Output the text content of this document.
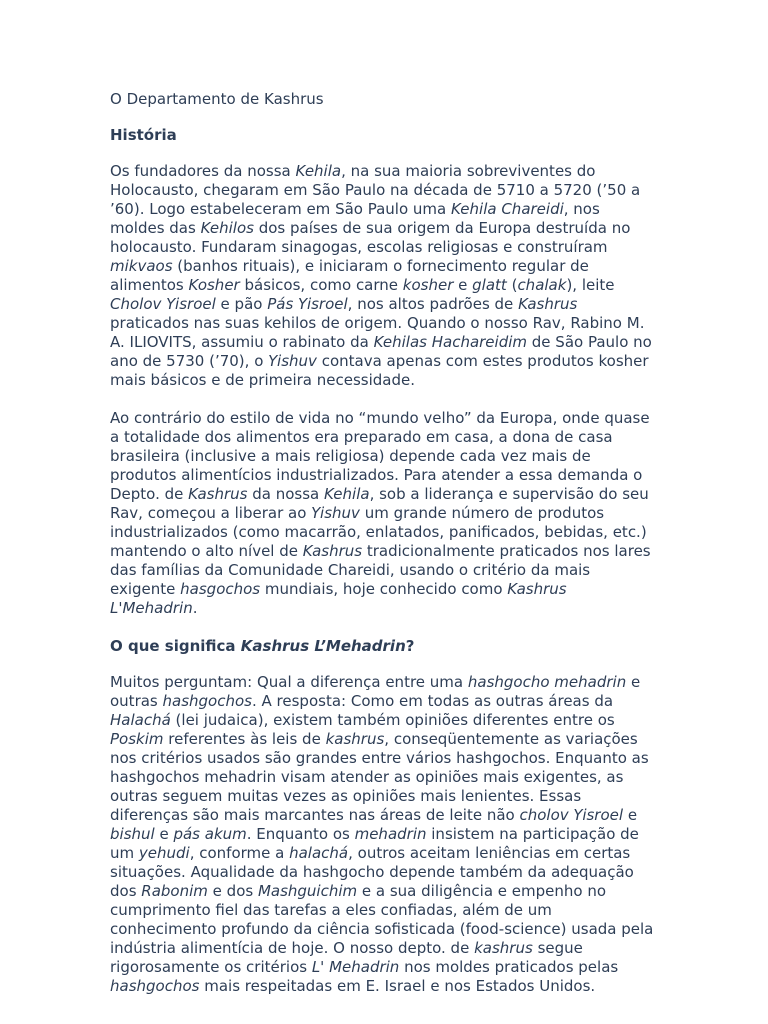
O Departamento de Kashrus
História

Os fundadores da nossa Kehila, na sua maioria sobreviventes do Holocausto, chegaram em São Paulo na década de 5710 a 5720 (’50 a ’60). Logo estabeleceram em São Paulo uma Kehila Chareidi, nos moldes das Kehilos dos países de sua origem da Europa destruída no holocausto. Fundaram sinagogas, escolas religiosas e construíram mikvaos (banhos rituais), e iniciaram o fornecimento regular de alimentos Kosher básicos, como carne kosher e glatt (chalak), leite Cholov Yisroel e pão Pás Yisroel, nos altos padrões de Kashrus praticados nas suas kehilos de origem. Quando o nosso Rav, Rabino M. A. ILIOVITS, assumiu o rabinato da Kehilas Hachareidim de São Paulo no ano de 5730 (’70), o Yishuv contava apenas com estes produtos kosher mais básicos e de primeira necessidade.

Ao contrário do estilo de vida no “mundo velho” da Europa, onde quase a totalidade dos alimentos era preparado em casa, a dona de casa brasileira (inclusive a mais religiosa) depende cada vez mais de produtos alimentícios industrializados. Para atender a essa demanda o Depto. de Kashrus da nossa Kehila, sob a liderança e supervisão do seu Rav, começou a liberar ao Yishuv um grande número de produtos industrializados (como macarrão, enlatados, panificados, bebidas, etc.) mantendo o alto nível de Kashrus tradicionalmente praticados nos lares das famílias da Comunidade Chareidi, usando o critério da mais exigente hasgochos mundiais, hoje conhecido como Kashrus L'Mehadrin.

O que significa Kashrus L’Mehadrin?

Muitos perguntam: Qual a diferença entre uma hashgocho mehadrin e outras hashgochos. A resposta: Como em todas as outras áreas da Halachá (lei judaica), existem também opiniões diferentes entre os Poskim referentes às leis de kashrus, conseqüentemente as variações nos critérios usados são grandes entre vários hashgochos. Enquanto as hashgochos mehadrin visam atender as opiniões mais exigentes, as outras seguem muitas vezes as opiniões mais lenientes. Essas diferenças são mais marcantes nas áreas de leite não cholov Yisroel e bishul e pás akum. Enquanto os mehadrin insistem na participação de um yehudi, conforme a halachá, outros aceitam leniências em certas situações. Aqualidade da hashgocho depende também da adequação dos Rabonim e dos Mashguichim e a sua diligência e empenho no cumprimento fiel das tarefas a eles confiadas, além de um conhecimento profundo da ciência sofisticada (food-science) usada pela indústria alimentícia de hoje. O nosso depto. de kashrus segue rigorosamente os critérios L' Mehadrin nos moldes praticados pelas hashgochos mais respeitadas em E. Israel e nos Estados Unidos.
